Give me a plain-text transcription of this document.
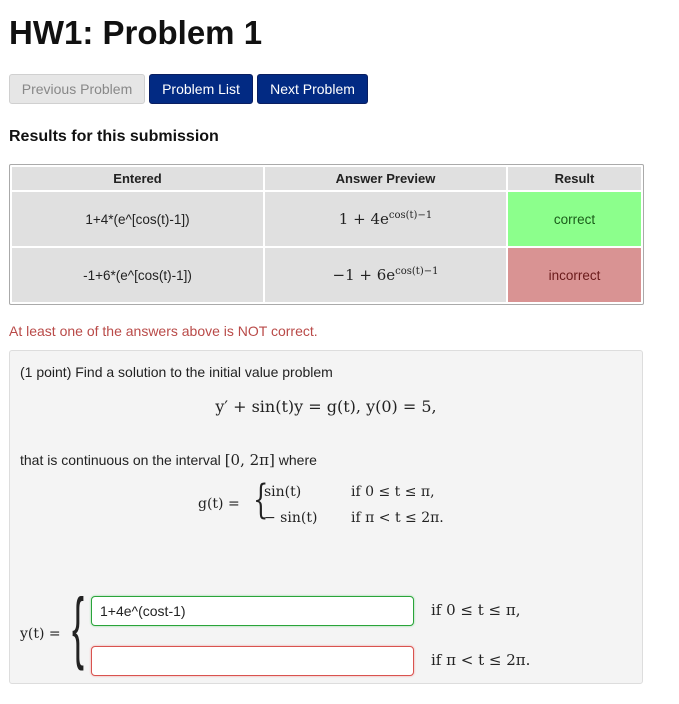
HW1: Problem 1
Previous Problem	Problem List	Next Problem
Results for this submission
Entered	Answer Preview	Result
1+4*(e^[cos(t)-1])	$1 + 4e^{cos(t)-1}$	correct
-1+6*(e^[cos(t)-1])	$-1 + 6e^{cos(t)-1}$	incorrect
At least one of the answers above is NOT correct.
(1 point) Find a solution to the initial value problem
y′ + sin(t)y = g(t), y(0) = 5,
that is continuous on the interval [0, 2π] where
g(t) = {
sin(t)	if 0 ≤ t ≤ π,
− sin(t) if π < t ≤ 2π.
y(t) = {
1+4e^(cost-1)	if 0 ≤ t ≤ π,
if π < t ≤ 2π.
